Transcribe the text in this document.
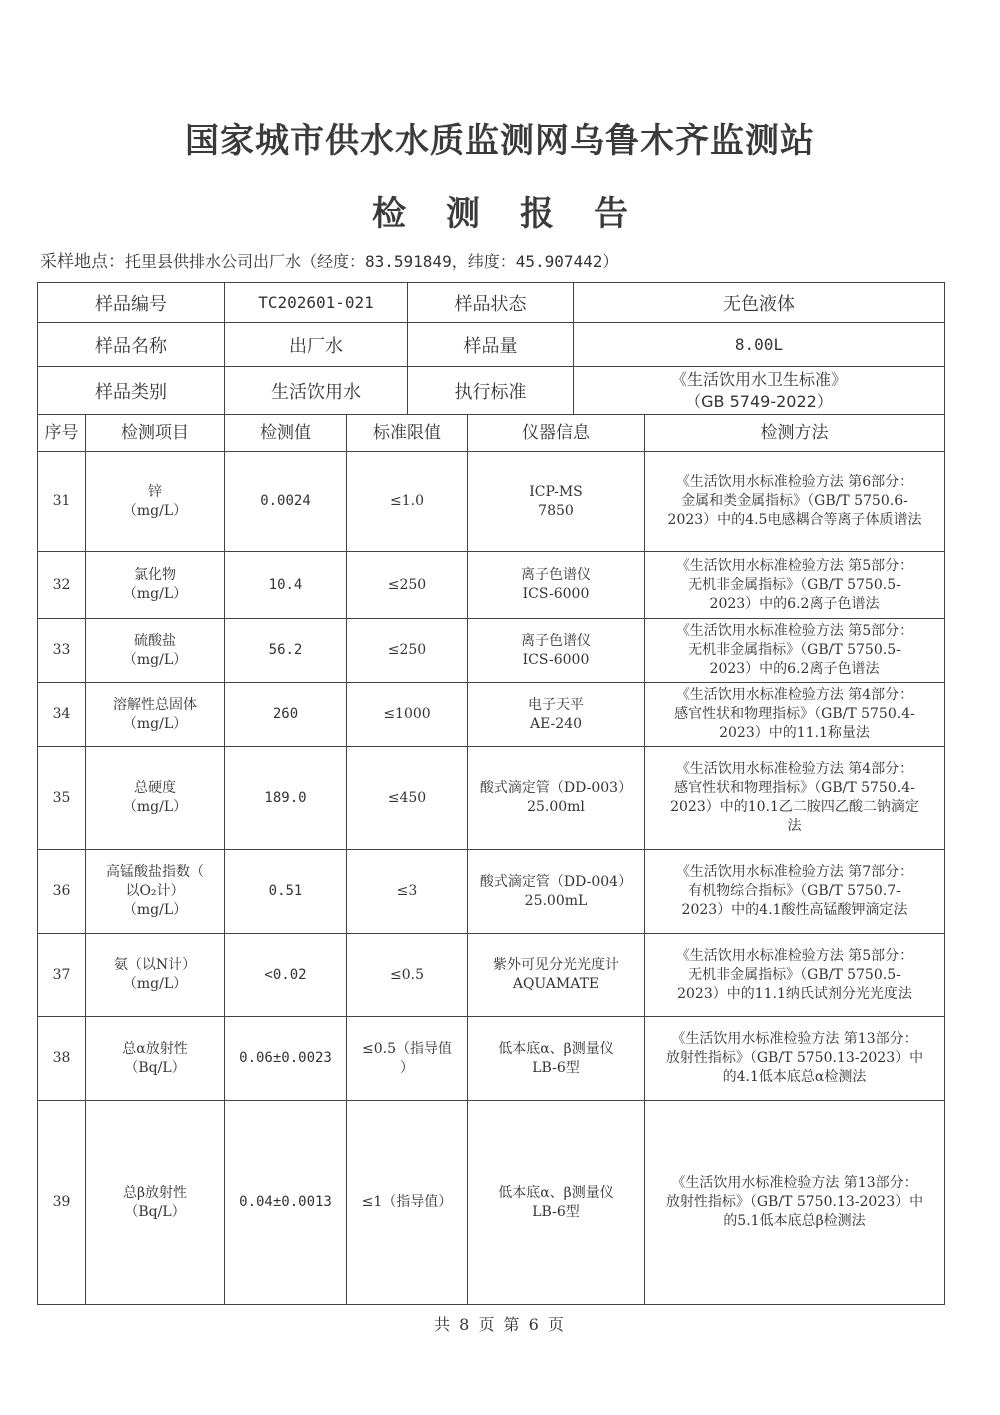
国家城市供水水质监测网乌鲁木齐监测站
检测报告
采样地点：托里县供排水公司出厂水（经度：83.591849，纬度：45.907442）
样品编号	TC202601-021	样品状态	无色液体
样品名称	出厂水	样品量	8.00L
样品类别	生活饮用水	执行标准	《生活饮用水卫生标准》
（GB 5749-2022）
序号	检测项目	检测值	标准限值	仪器信息	检测方法
31	锌
（mg/L）	0.0024	≤1.0	ICP-MS
7850	《生活饮用水标准检验方法 第6部分：
金属和类金属指标》（GB/T 5750.6-
2023）中的4.5电感耦合等离子体质谱法

32	氯化物
（mg/L）	10.4	≤250	离子色谱仪
ICS-6000	《生活饮用水标准检验方法 第5部分：
无机非金属指标》（GB/T 5750.5-
2023）中的6.2离子色谱法

33	硫酸盐
（mg/L）	56.2	≤250	离子色谱仪
ICS-6000	《生活饮用水标准检验方法 第5部分：
无机非金属指标》（GB/T 5750.5-
2023）中的6.2离子色谱法

34	溶解性总固体
（mg/L）	260	≤1000	电子天平
AE-240	《生活饮用水标准检验方法 第4部分：
感官性状和物理指标》（GB/T 5750.4-
2023）中的11.1称量法

35	总硬度
（mg/L）	189.0	≤450	酸式滴定管（DD-003）
25.00ml	《生活饮用水标准检验方法 第4部分：
感官性状和物理指标》（GB/T 5750.4-
2023）中的10.1乙二胺四乙酸二钠滴定
法

36	高锰酸盐指数（
以O₂计）
（mg/L）	0.51	≤3	酸式滴定管（DD-004）
25.00mL	《生活饮用水标准检验方法 第7部分：
有机物综合指标》（GB/T 5750.7-
2023）中的4.1酸性高锰酸钾滴定法

37	氨（以N计）
（mg/L）	<0.02	≤0.5	紫外可见分光光度计
AQUAMATE	《生活饮用水标准检验方法 第5部分：
无机非金属指标》（GB/T 5750.5-
2023）中的11.1纳氏试剂分光光度法

38	总α放射性
（Bq/L）	0.06±0.0023	≤0.5（指导值
）	低本底α、β测量仪
LB-6型	《生活饮用水标准检验方法 第13部分：
放射性指标》（GB/T 5750.13-2023）中
的4.1低本底总α检测法

39	总β放射性
（Bq/L）	0.04±0.0013	≤1（指导值）	低本底α、β测量仪
LB-6型	《生活饮用水标准检验方法 第13部分：
放射性指标》（GB/T 5750.13-2023）中
的5.1低本底总β检测法
共 8 页 第 6 页
